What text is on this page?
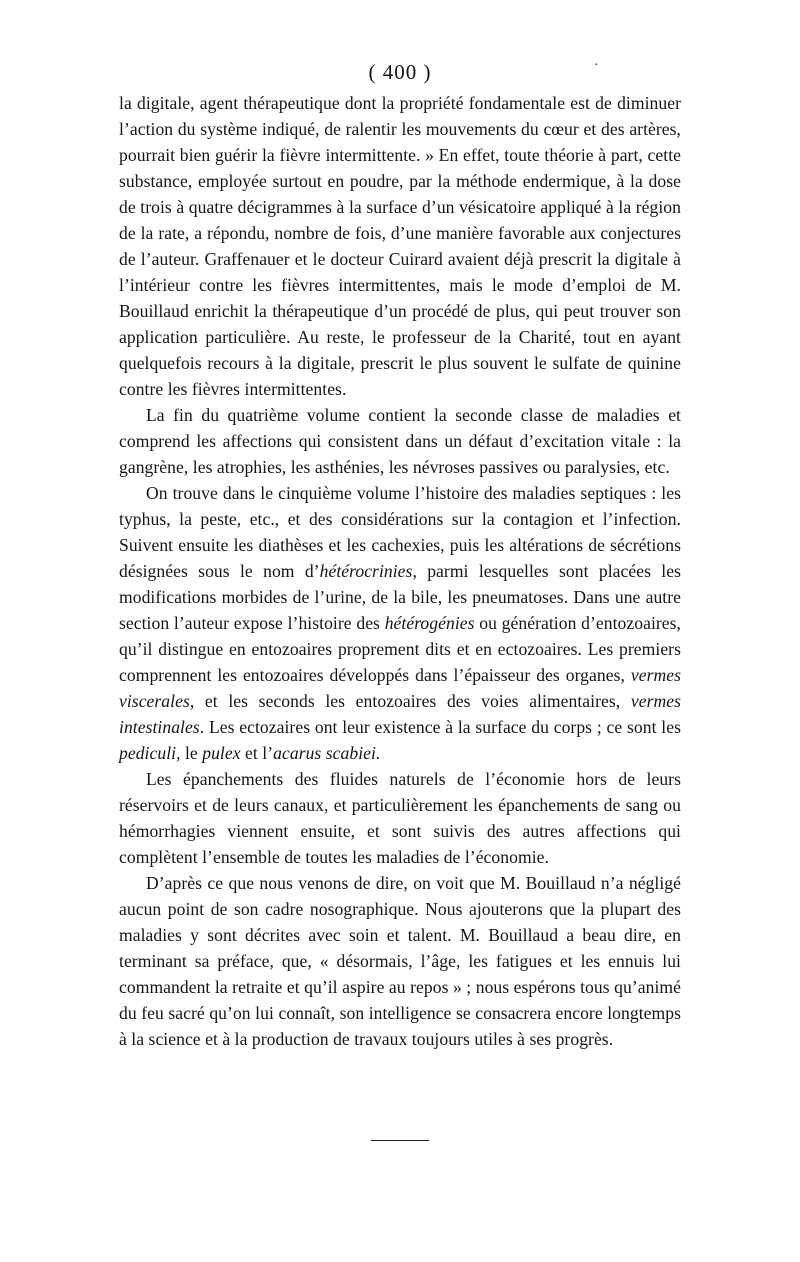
( 400 )	·

la digitale, agent thérapeutique dont la propriété fondamentale est de diminuer l’action du système indiqué, de ralentir les mouvements du cœur et des artères, pourrait bien guérir la fièvre intermittente. » En effet, toute théorie à part, cette substance, employée surtout en poudre, par la méthode endermique, à la dose de trois à quatre décigrammes à la surface d’un vésicatoire appliqué à la région de la rate, a répondu, nombre de fois, d’une manière favorable aux conjectures de l’auteur. Graffenauer et le docteur Cuirard avaient déjà prescrit la digitale à l’intérieur contre les fièvres intermittentes, mais le mode d’emploi de M. Bouillaud enrichit la thérapeutique d’un procédé de plus, qui peut trouver son application particulière. Au reste, le professeur de la Charité, tout en ayant quelquefois recours à la digitale, prescrit le plus souvent le sulfate de quinine contre les fièvres intermittentes.

La fin du quatrième volume contient la seconde classe de maladies et comprend les affections qui consistent dans un défaut d’excitation vitale : la gangrène, les atrophies, les asthénies, les névroses passives ou paralysies, etc.

On trouve dans le cinquième volume l’histoire des maladies septiques : les typhus, la peste, etc., et des considérations sur la contagion et l’infection. Suivent ensuite les diathèses et les cachexies, puis les altérations de sécrétions désignées sous le nom d’hétérocrinies, parmi lesquelles sont placées les modifications morbides de l’urine, de la bile, les pneumatoses. Dans une autre section l’auteur expose l’histoire des hétérogénies ou génération d’entozoaires, qu’il distingue en entozoaires proprement dits et en ectozoaires. Les premiers comprennent les entozoaires développés dans l’épaisseur des organes, vermes viscerales, et les seconds les entozoaires des voies alimentaires, vermes intestinales. Les ectozaires ont leur existence à la surface du corps ; ce sont les pediculi, le pulex et l’acarus scabiei.

Les épanchements des fluides naturels de l’économie hors de leurs réservoirs et de leurs canaux, et particulièrement les épanchements de sang ou hémorrhagies viennent ensuite, et sont suivis des autres affections qui complètent l’ensemble de toutes les maladies de l’économie.

D’après ce que nous venons de dire, on voit que M. Bouillaud n’a négligé aucun point de son cadre nosographique. Nous ajouterons que la plupart des maladies y sont décrites avec soin et talent. M. Bouillaud a beau dire, en terminant sa préface, que, « désormais, l’âge, les fatigues et les ennuis lui commandent la retraite et qu’il aspire au repos » ; nous espérons tous qu’animé du feu sacré qu’on lui connaît, son intelligence se consacrera encore longtemps à la science et à la production de travaux toujours utiles à ses progrès.
